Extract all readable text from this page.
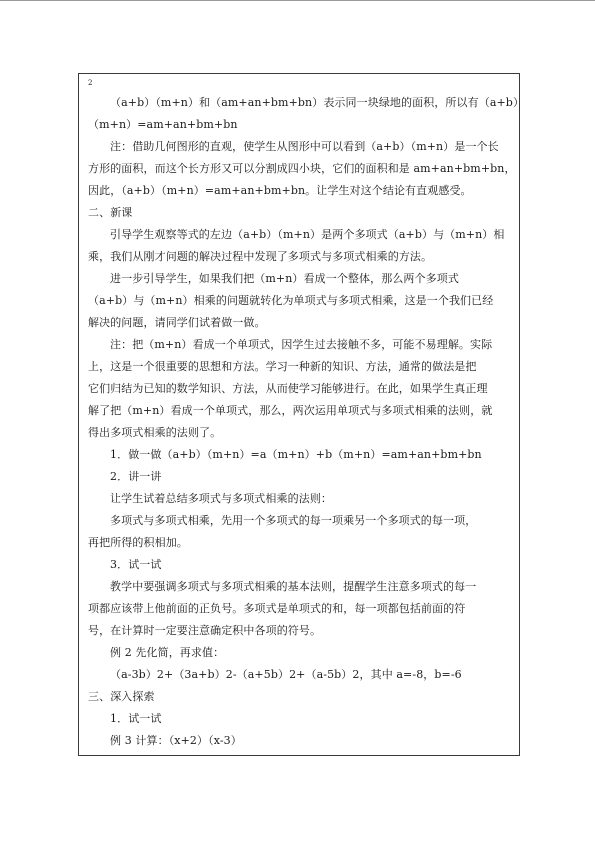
2
（a+b）（m+n）和（am+an+bm+bn）表示同一块绿地的面积，所以有（a+b）
（m+n）=am+an+bm+bn
注：借助几何图形的直观，使学生从图形中可以看到（a+b）（m+n）是一个长
方形的面积，而这个长方形又可以分割成四小块，它们的面积和是 am+an+bm+bn，
因此，（a+b）（m+n）=am+an+bm+bn。让学生对这个结论有直观感受。
二、新课
引导学生观察等式的左边（a+b）（m+n）是两个多项式（a+b）与（m+n）相
乘，我们从刚才问题的解决过程中发现了多项式与多项式相乘的方法。
进一步引导学生，如果我们把（m+n）看成一个整体，那么两个多项式
（a+b）与（m+n）相乘的问题就转化为单项式与多项式相乘，这是一个我们已经
解决的问题，请同学们试着做一做。
注：把（m+n）看成一个单项式，因学生过去接触不多，可能不易理解。实际
上，这是一个很重要的思想和方法。学习一种新的知识、方法，通常的做法是把
它们归结为已知的数学知识、方法，从而使学习能够进行。在此，如果学生真正理
解了把（m+n）看成一个单项式，那么，两次运用单项式与多项式相乘的法则，就
得出多项式相乘的法则了。
1．做一做（a+b）（m+n）=a（m+n）+b（m+n）=am+an+bm+bn
2．讲一讲
让学生试着总结多项式与多项式相乘的法则：
多项式与多项式相乘，先用一个多项式的每一项乘另一个多项式的每一项，
再把所得的积相加。
3．试一试
教学中要强调多项式与多项式相乘的基本法则，提醒学生注意多项式的每一
项都应该带上他前面的正负号。多项式是单项式的和，每一项都包括前面的符
号，在计算时一定要注意确定积中各项的符号。
例 2 先化简，再求值：
（a-3b）2+（3a+b）2-（a+5b）2+（a-5b）2，其中 a=-8，b=-6
三、深入探索
1．试一试
例 3 计算：（x+2）（x-3）
